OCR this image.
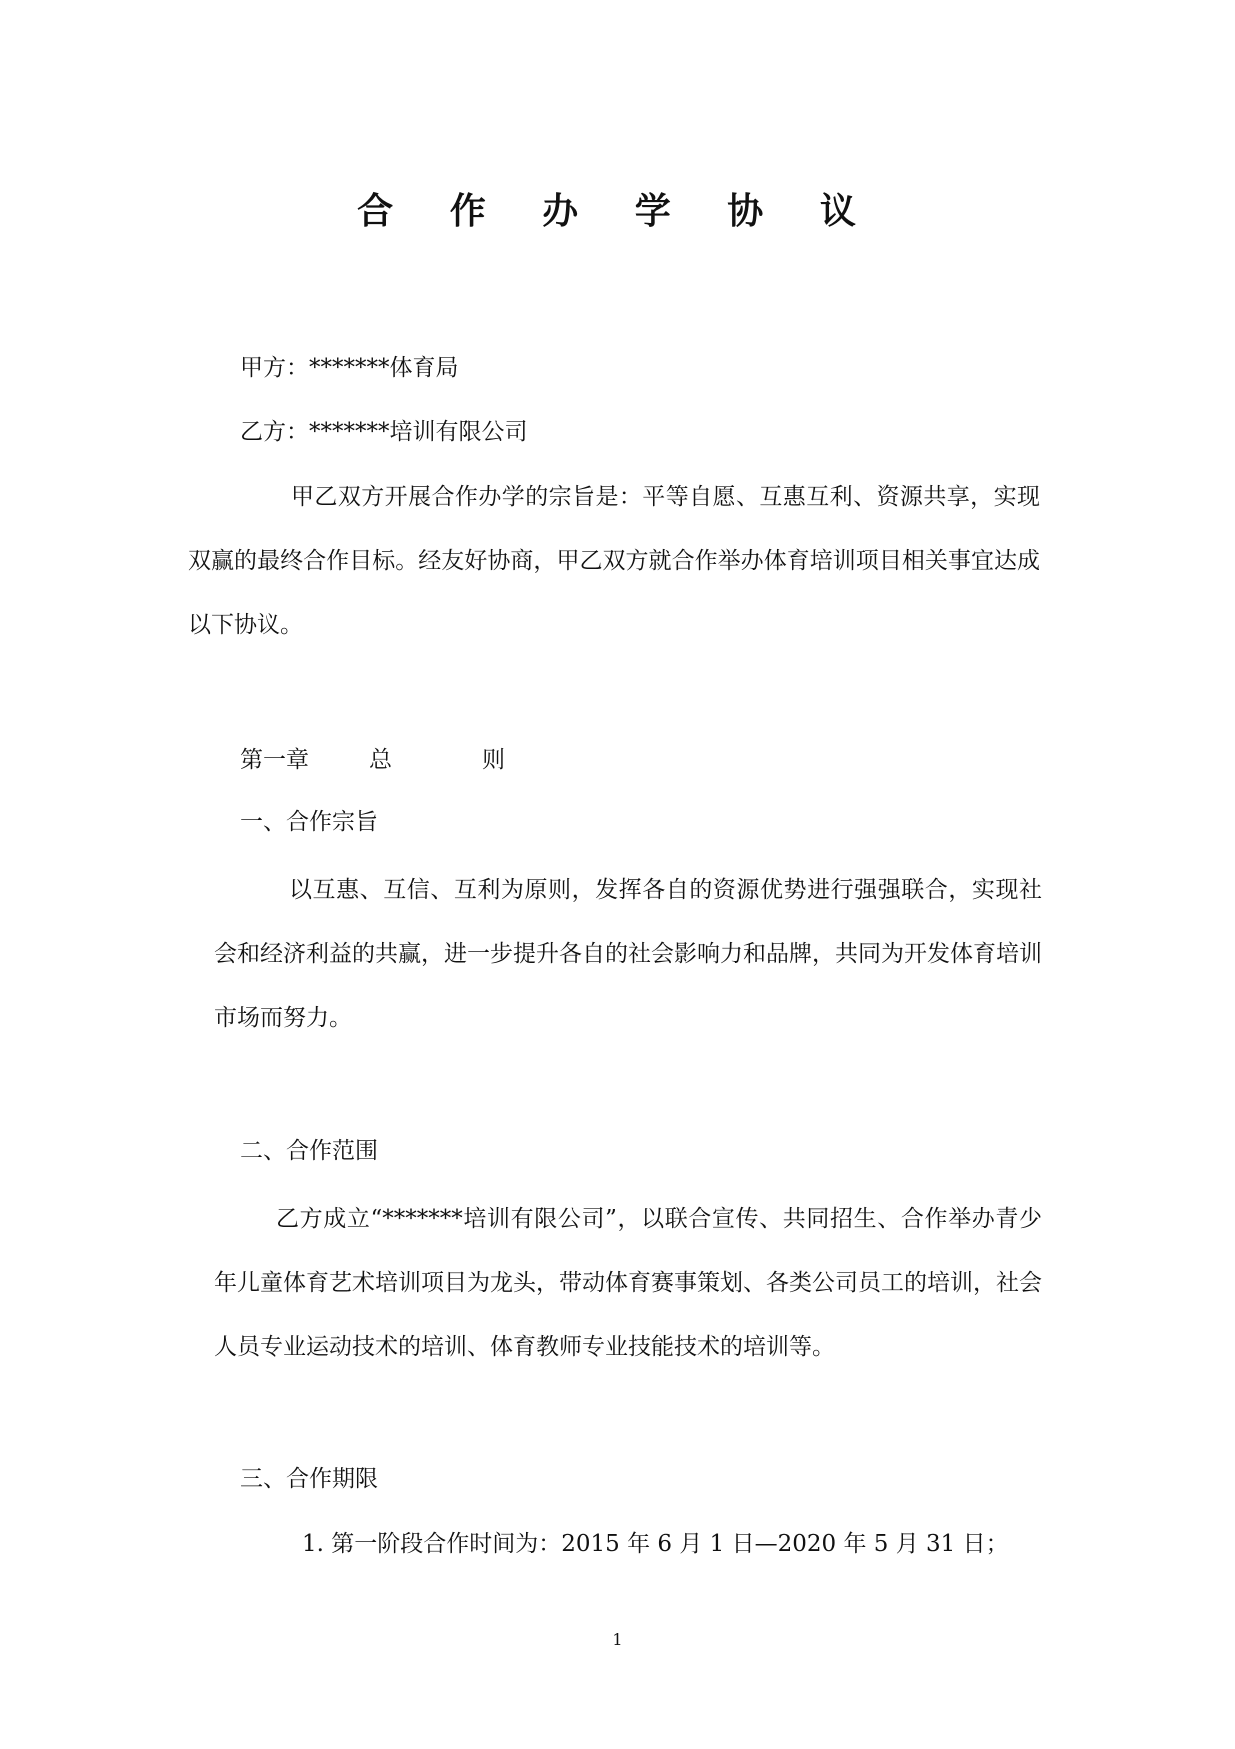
合 作 办 学 协 议
甲方：*******体育局
乙方：*******培训有限公司
甲乙双方开展合作办学的宗旨是：平等自愿、互惠互利、资源共享，实现双赢的最终合作目标。经友好协商，甲乙双方就合作举办体育培训项目相关事宜达成以下协议。
第一章	总	则
一、合作宗旨
以互惠、互信、互利为原则，发挥各自的资源优势进行强强联合，实现社会和经济利益的共赢，进一步提升各自的社会影响力和品牌，共同为开发体育培训市场而努力。
二、合作范围
乙方成立“*******培训有限公司”，以联合宣传、共同招生、合作举办青少年儿童体育艺术培训项目为龙头，带动体育赛事策划、各类公司员工的培训，社会人员专业运动技术的培训、体育教师专业技能技术的培训等。
三、合作期限
1. 第一阶段合作时间为：2015 年 6 月 1 日—2020 年 5 月 31 日；
1
